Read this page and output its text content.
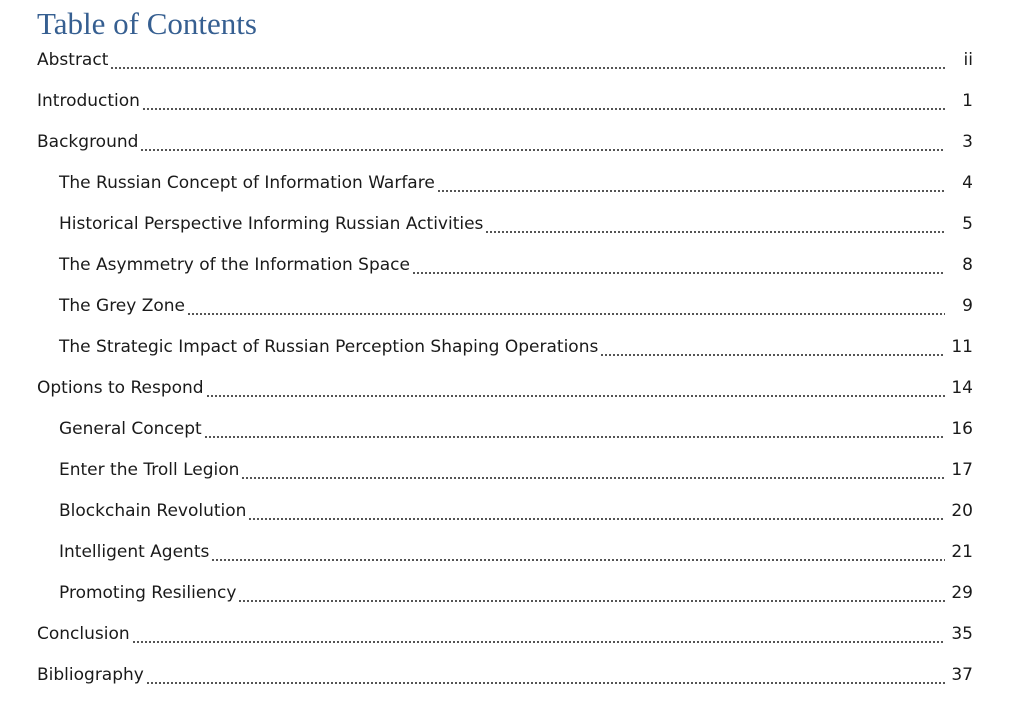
Table of Contents
Abstract	ii
Introduction	1
Background	3
The Russian Concept of Information Warfare	4
Historical Perspective Informing Russian Activities	5
The Asymmetry of the Information Space	8
The Grey Zone	9
The Strategic Impact of Russian Perception Shaping Operations	11
Options to Respond	14
General Concept	16
Enter the Troll Legion	17
Blockchain Revolution	20
Intelligent Agents	21
Promoting Resiliency	29
Conclusion	35
Bibliography	37
